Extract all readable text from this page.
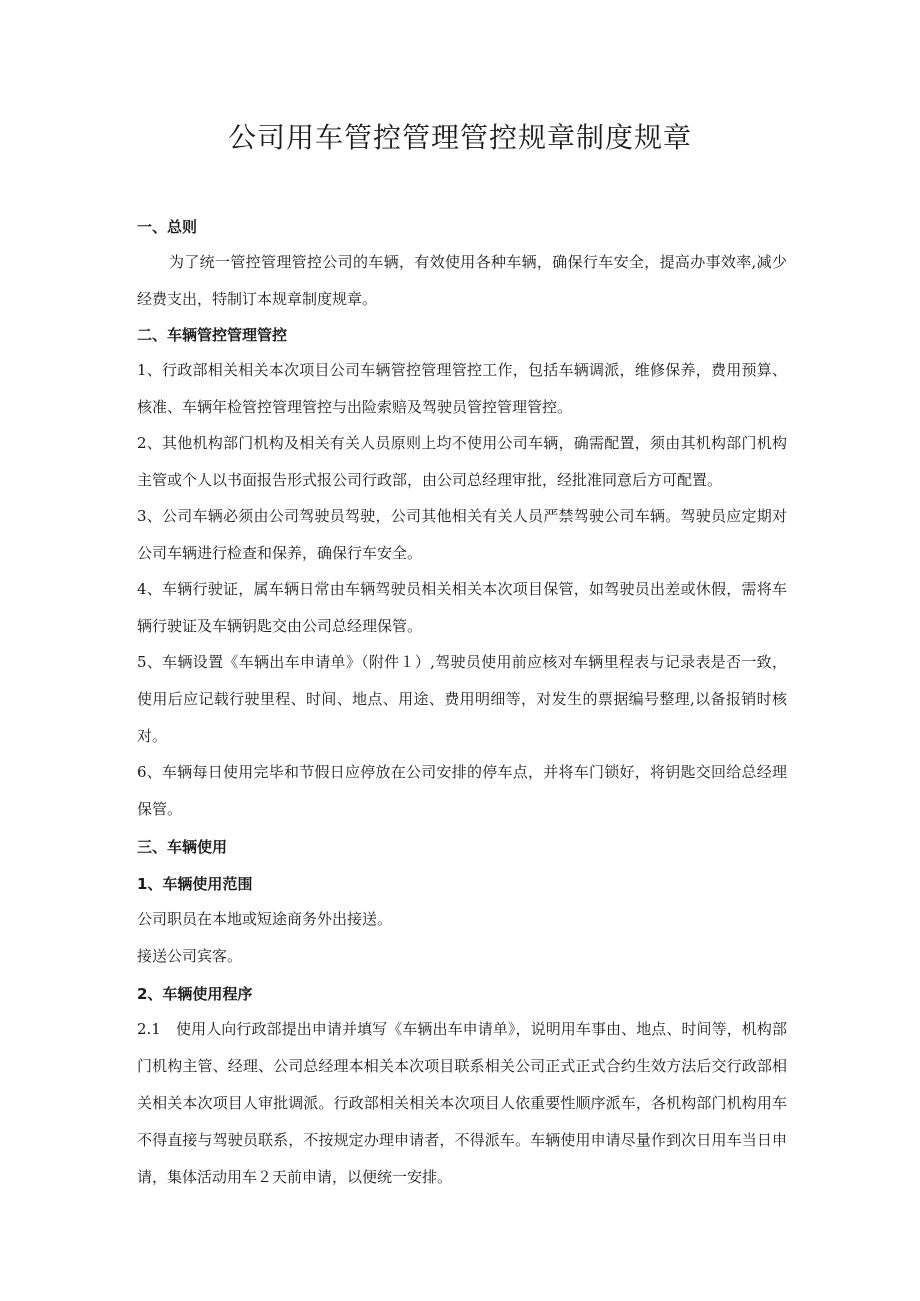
公司用车管控管理管控规章制度规章
一、总则
为了统一管控管理管控公司的车辆，有效使用各种车辆，确保行车安全，提高办事效率,减少经费支出，特制订本规章制度规章。
二、车辆管控管理管控
1、行政部相关相关本次项目公司车辆管控管理管控工作，包括车辆调派，维修保养，费用预算、核准、车辆年检管控管理管控与出险索赔及驾驶员管控管理管控。
2、其他机构部门机构及相关有关人员原则上均不使用公司车辆，确需配置，须由其机构部门机构主管或个人以书面报告形式报公司行政部，由公司总经理审批，经批准同意后方可配置。
3、公司车辆必须由公司驾驶员驾驶，公司其他相关有关人员严禁驾驶公司车辆。驾驶员应定期对公司车辆进行检查和保养，确保行车安全。
4、车辆行驶证，属车辆日常由车辆驾驶员相关相关本次项目保管，如驾驶员出差或休假，需将车辆行驶证及车辆钥匙交由公司总经理保管。
5、车辆设置《车辆出车申请单》（附件１）,驾驶员使用前应核对车辆里程表与记录表是否一致，使用后应记载行驶里程、时间、地点、用途、费用明细等，对发生的票据编号整理,以备报销时核对。
6、车辆每日使用完毕和节假日应停放在公司安排的停车点，并将车门锁好，将钥匙交回给总经理保管。
三、车辆使用
1、车辆使用范围
公司职员在本地或短途商务外出接送。
接送公司宾客。
2、车辆使用程序
2.1　使用人向行政部提出申请并填写《车辆出车申请单》，说明用车事由、地点、时间等，机构部门机构主管、经理、公司总经理本相关本次项目联系相关公司正式正式合约生效方法后交行政部相关相关本次项目人审批调派。行政部相关相关本次项目人依重要性顺序派车，各机构部门机构用车不得直接与驾驶员联系，不按规定办理申请者，不得派车。车辆使用申请尽量作到次日用车当日申请，集体活动用车２天前申请，以便统一安排。
